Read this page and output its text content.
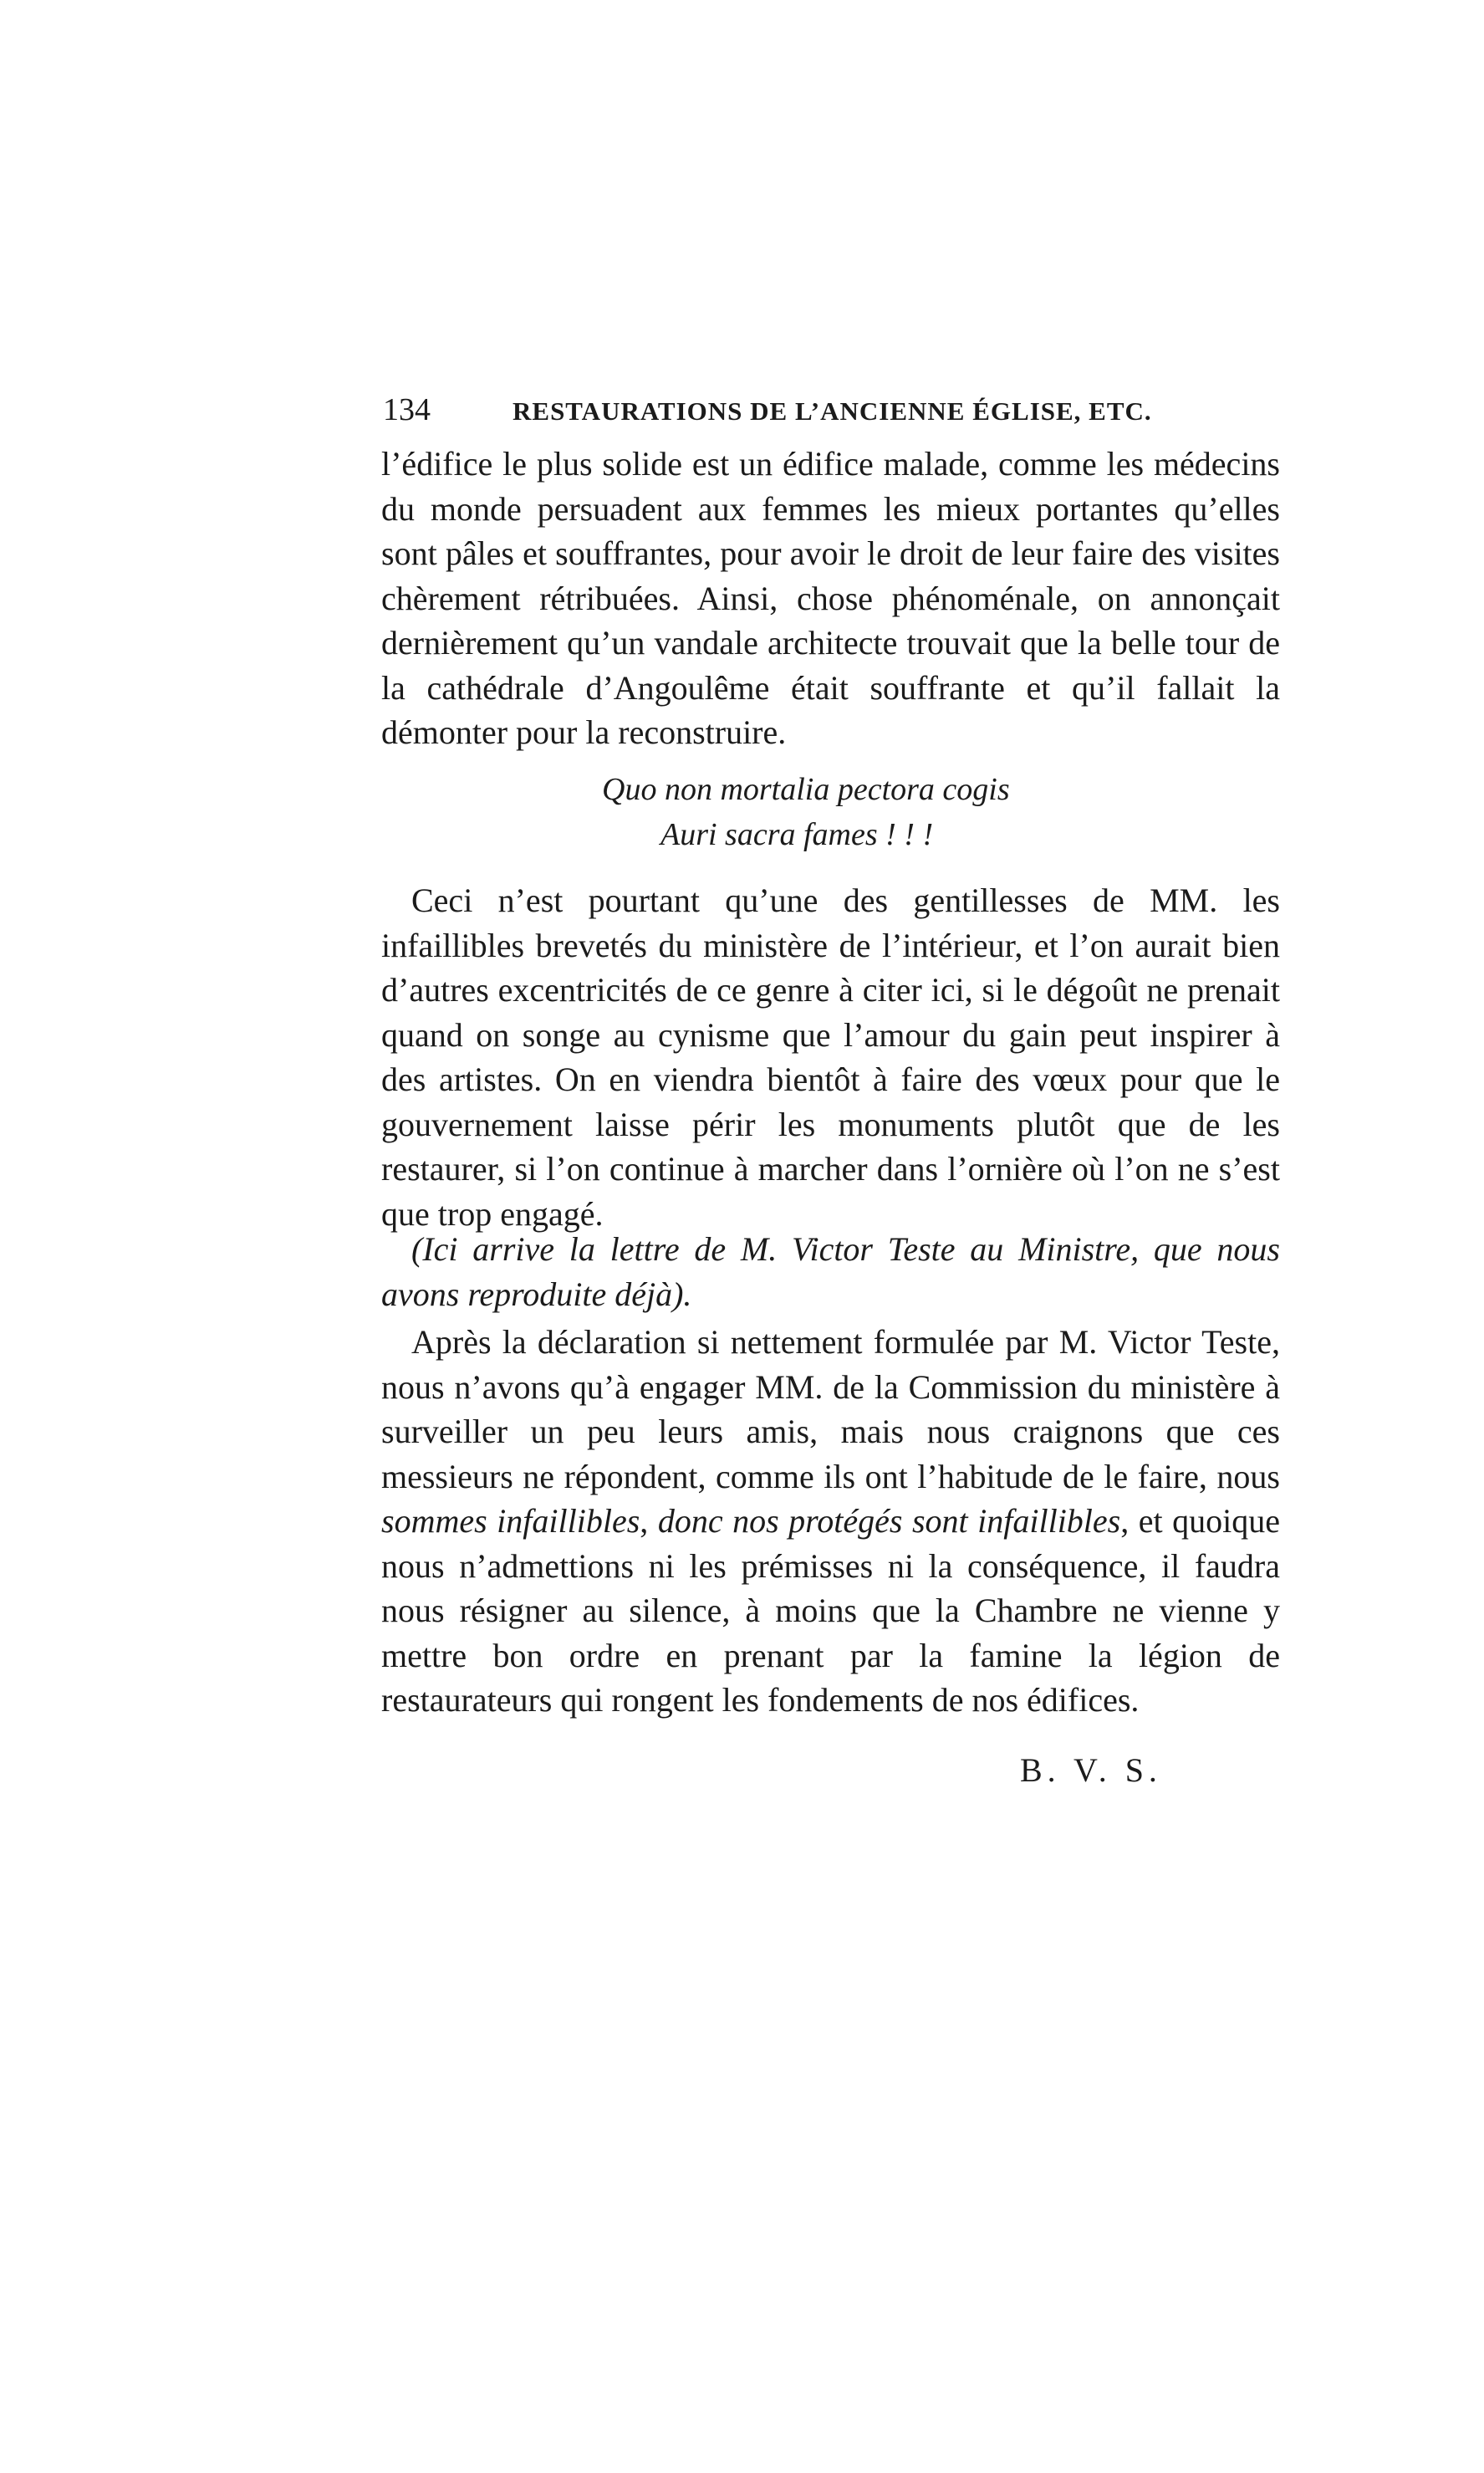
134	RESTAURATIONS DE L’ANCIENNE ÉGLISE, ETC.

l’édifice le plus solide est un édifice malade, comme les médecins du monde persuadent aux femmes les mieux portantes qu’elles sont pâles et souffrantes, pour avoir le droit de leur faire des visites chèrement rétribuées. Ainsi, chose phénoménale, on annonçait dernièrement qu’un vandale architecte trouvait que la belle tour de la cathédrale d’Angoulême était souffrante et qu’il fallait la démonter pour la reconstruire.

Quo non mortalia pectora cogis
Auri sacra fames ! ! !

Ceci n’est pourtant qu’une des gentillesses de MM. les infaillibles brevetés du ministère de l’intérieur, et l’on aurait bien d’autres excentricités de ce genre à citer ici, si le dégoût ne prenait quand on songe au cynisme que l’amour du gain peut inspirer à des artistes. On en viendra bientôt à faire des vœux pour que le gouvernement laisse périr les monuments plutôt que de les restaurer, si l’on continue à marcher dans l’ornière où l’on ne s’est que trop engagé.

(Ici arrive la lettre de M. Victor Teste au Ministre, que nous avons reproduite déjà).

Après la déclaration si nettement formulée par M. Victor Teste, nous n’avons qu’à engager MM. de la Commission du ministère à surveiller un peu leurs amis, mais nous craignons que ces messieurs ne répondent, comme ils ont l’habitude de le faire, nous sommes infaillibles, donc nos protégés sont infaillibles, et quoique nous n’admettions ni les prémisses ni la conséquence, il faudra nous résigner au silence, à moins que la Chambre ne vienne y mettre bon ordre en prenant par la famine la légion de restaurateurs qui rongent les fondements de nos édifices.

B. V. S.
